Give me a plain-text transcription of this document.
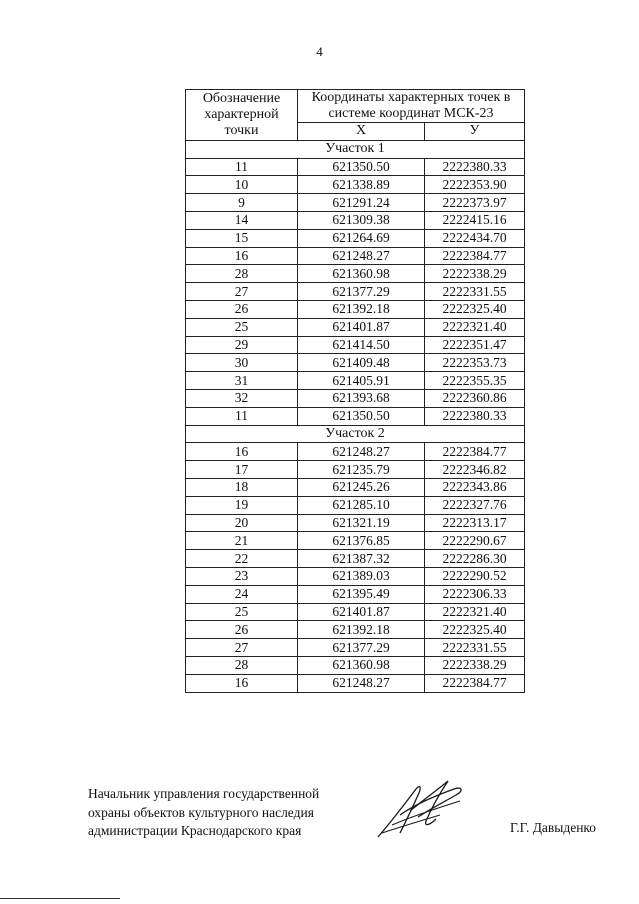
4
Обозначение характерной точки	Координаты характерных точек в системе координат МСК-23	
	X	У
Участок 1		
11	621350.50	2222380.33
10	621338.89	2222353.90
9	621291.24	2222373.97
14	621309.38	2222415.16
15	621264.69	2222434.70
16	621248.27	2222384.77
28	621360.98	2222338.29
27	621377.29	2222331.55
26	621392.18	2222325.40
25	621401.87	2222321.40
29	621414.50	2222351.47
30	621409.48	2222353.73
31	621405.91	2222355.35
32	621393.68	2222360.86
11	621350.50	2222380.33
Участок 2		
16	621248.27	2222384.77
17	621235.79	2222346.82
18	621245.26	2222343.86
19	621285.10	2222327.76
20	621321.19	2222313.17
21	621376.85	2222290.67
22	621387.32	2222286.30
23	621389.03	2222290.52
24	621395.49	2222306.33
25	621401.87	2222321.40
26	621392.18	2222325.40
27	621377.29	2222331.55
28	621360.98	2222338.29
16	621248.27	2222384.77
Начальник управления государственной
охраны объектов культурного наследия
администрации Краснодарского края	Г.Г. Давыденко
